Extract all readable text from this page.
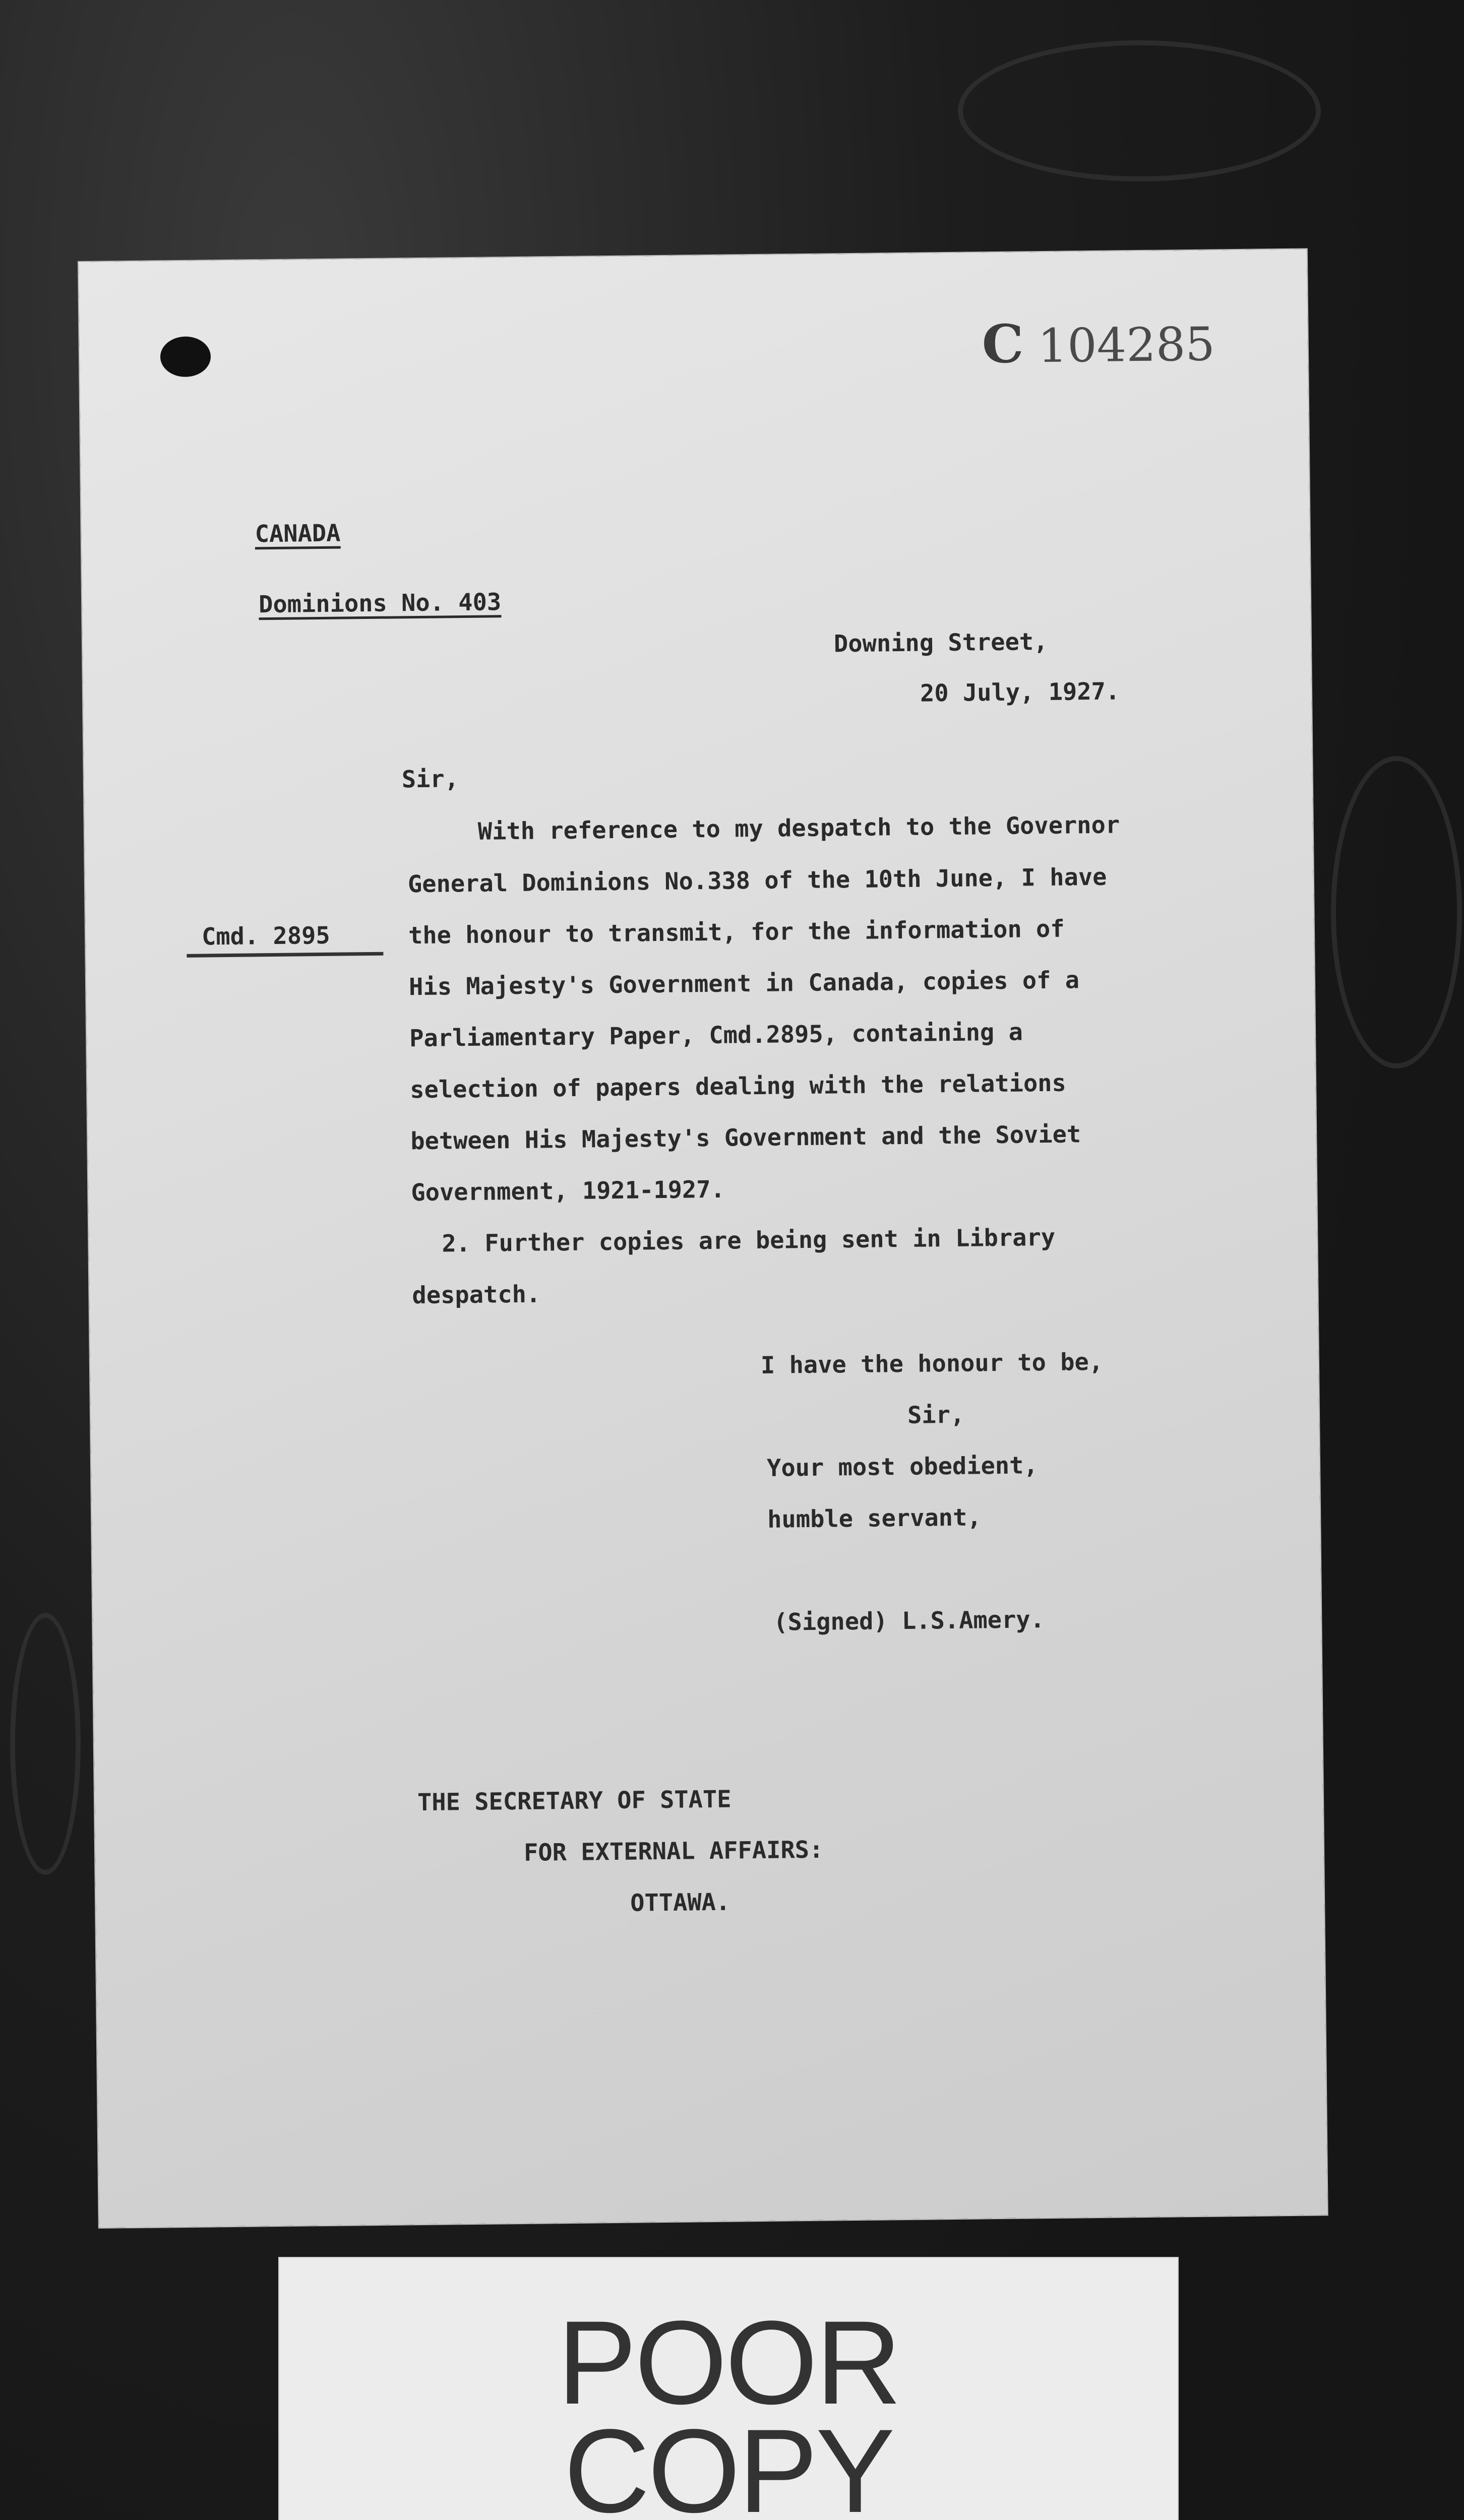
C 104285

CANADA

Dominions No. 403

Downing Street,

20 July, 1927.

Sir,

Cmd. 2895

With reference to my despatch to the Governor

General Dominions No.338 of the 10th June, I have

the honour to transmit, for the information of

His Majesty's Government in Canada, copies of a

Parliamentary Paper, Cmd.2895, containing a

selection of papers dealing with the relations

between His Majesty's Government and the Soviet

Government, 1921-1927.

2. Further copies are being sent in Library

despatch.

I have the honour to be,

Sir,

Your most obedient,

humble servant,

(Signed) L.S.Amery.

THE SECRETARY OF STATE

FOR EXTERNAL AFFAIRS:

OTTAWA.

POOR

COPY
